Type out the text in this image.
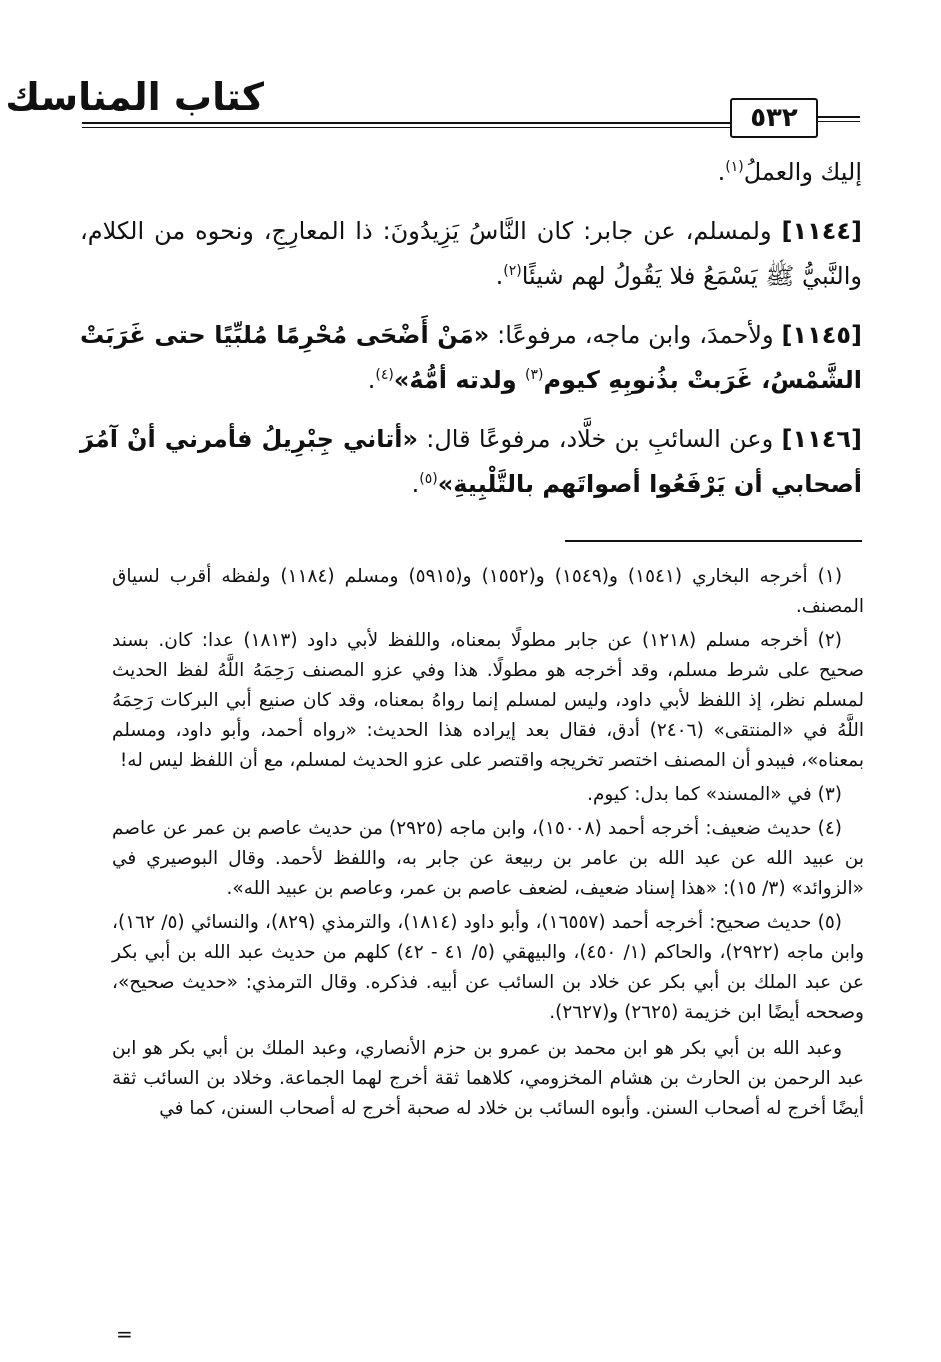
كتاب المناسك	٥٣٢

إليك والعملُ$^{(١)}$.

[١١٤٤] ولمسلم، عن جابر: كان النَّاسُ يَزِيدُونَ: ذا المعارِجِ، ونحوه من الكلام، والنَّبيُّ ﷺ يَسْمَعُ فلا يَقُولُ لهم شيئًا$^{(٢)}$.

[١١٤٥] ولأحمدَ، وابن ماجه، مرفوعًا: «مَنْ أَضْحَى مُحْرِمًا مُلبِّيًا حتى غَرَبَتْ الشَّمْسُ، غَرَبتْ بذُنوبِهِ كيوم$^{(٣)}$ ولدته أمُّهُ»$^{(٤)}$.

[١١٤٦] وعن السائبِ بن خلَّاد، مرفوعًا قال: «أتاني جِبْرِيلُ فأمرني أنْ آمُرَ أصحابي أن يَرْفَعُوا أصواتَهم بالتَّلْبِيةِ»$^{(٥)}$.

(١) أخرجه البخاري (١٥٤١) و(١٥٤٩) و(١٥٥٢) و(٥٩١٥) ومسلم (١١٨٤) ولفظه أقرب لسياق المصنف.

(٢) أخرجه مسلم (١٢١٨) عن جابر مطولًا بمعناه، واللفظ لأبي داود (١٨١٣) عدا: كان. بسند صحيح على شرط مسلم، وقد أخرجه هو مطولًا. هذا وفي عزو المصنف رَحِمَهُ اللَّهُ لفظ الحديث لمسلم نظر، إذ اللفظ لأبي داود، وليس لمسلم إنما رواهُ بمعناه، وقد كان صنيع أبي البركات رَحِمَهُ اللَّهُ في «المنتقى» (٢٤٠٦) أدق، فقال بعد إيراده هذا الحديث: «رواه أحمد، وأبو داود، ومسلم بمعناه»، فيبدو أن المصنف اختصر تخريجه واقتصر على عزو الحديث لمسلم، مع أن اللفظ ليس له!

(٣) في «المسند» كما بدل: كيوم.

(٤) حديث ضعيف: أخرجه أحمد (١٥٠٠٨)، وابن ماجه (٢٩٢٥) من حديث عاصم بن عمر عن عاصم بن عبيد الله عن عبد الله بن عامر بن ربيعة عن جابر به، واللفظ لأحمد. وقال البوصيري في «الزوائد» (٣/ ١٥): «هذا إسناد ضعيف، لضعف عاصم بن عمر، وعاصم بن عبيد الله».

(٥) حديث صحيح: أخرجه أحمد (١٦٥٥٧)، وأبو داود (١٨١٤)، والترمذي (٨٢٩)، والنسائي (٥/ ١٦٢)، وابن ماجه (٢٩٢٢)، والحاكم (١/ ٤٥٠)، والبيهقي (٥/ ٤١ - ٤٢) كلهم من حديث عبد الله بن أبي بكر عن عبد الملك بن أبي بكر عن خلاد بن السائب عن أبيه. فذكره. وقال الترمذي: «حديث صحيح»، وصححه أيضًا ابن خزيمة (٢٦٢٥) و(٢٦٢٧).

وعبد الله بن أبي بكر هو ابن محمد بن عمرو بن حزم الأنصاري، وعبد الملك بن أبي بكر هو ابن عبد الرحمن بن الحارث بن هشام المخزومي، كلاهما ثقة أخرج لهما الجماعة. وخلاد بن السائب ثقة أيضًا أخرج له أصحاب السنن. وأبوه السائب بن خلاد له صحبة أخرج له أصحاب السنن، كما في

=
